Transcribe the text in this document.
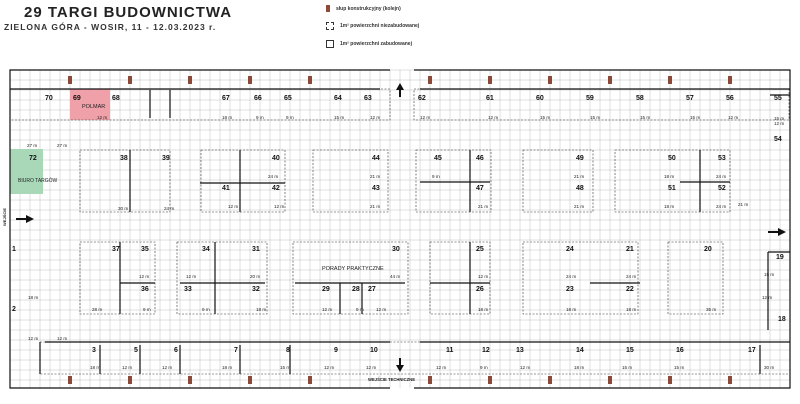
29 TARGI BUDOWNICTWA
ZIELONA GÓRA - WOSIR, 11 - 12.03.2023 r.
słup konstrukcyjny (kolejn)
1m² powierzchni niezabudowanej
1m² powierzchni zabudowanej
70	69	68	67	66	65	64	63	62	61	60	59	58	57	56	55
54
72	38	39	40
41	42
44
43
45	46
47
49
48
50	53
51	52
1
2
37	35
36
34
33
31
32
30
29	28 27
25
26
24
23
21
22
20
19
18
3	5	6	7	8	9	10	11	12	13	14	15	16	17
12 m	18 m	9 m	9 m	15 m	12 m	12 m	12 m	15 m	15 m	15 m	15 m	12 m	15 m
12 m
27 m
30 m	24 m
24 m
12 m	12 m
21 m
21 m
9 m
21 m
21 m
21 m
18 m	24 m
18 m	24 m
18 m
12 m
28 m
12 m
9 m
12 m
9 m
20 m
18 m
44 m
12 m	9 m	12 m
12 m
18 m
24 m
18 m
24 m
18 m	35 m
15 m
12 m
18 m	12 m	12 m	18 m	15 m	12 m	12 m	12 m	9 m	12 m	18 m	15 m	15 m	30 m
27 m
12 m
21 m
POLMAR
BIURO TARGÓW
PORADY PRAKTYCZNE
WEJŚCIE TECHNICZNE
WEJŚCIE
